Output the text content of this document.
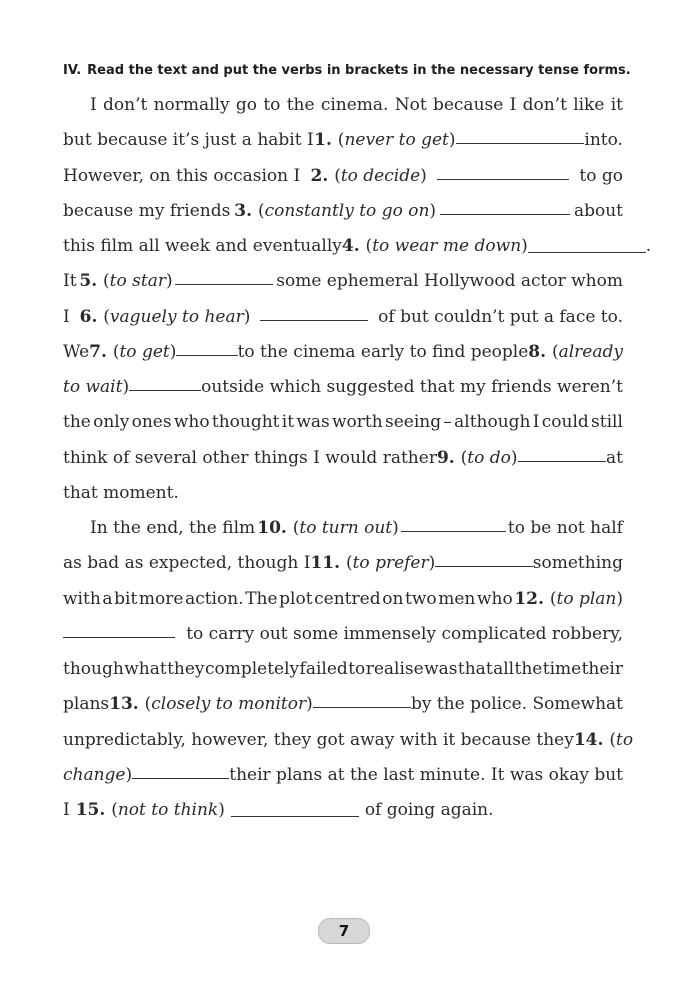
IV. Read the text and put the verbs in brackets in the necessary tense forms.
I don’t normally go to the cinema. Not because I don’t like it
but because it’s just a habit I 1. (never to get)	into.
However, on this occasion I 2. (to decide)	to go
because my friends 3. (constantly to go on)	about
this film all week and eventually 4. (to wear me down)	.
It 5. (to star)	some ephemeral Hollywood actor whom
I 6. (vaguely to hear)	of but couldn’t put a face to.
We 7. (to get)	to the cinema early to find people 8. (already
to wait)	outside which suggested that my friends weren’t
the only ones who thought it was worth seeing – although I could still
think of several other things I would rather 9. (to do)	at
that moment.
In the end, the film 10. (to turn out)	to be not half
as bad as expected, though I 11. (to prefer)	something
with a bit more action. The plot centred on two men who 12. (to plan)
to carry out some immensely complicated robbery,
though what they completely failed to realise was that all the time their
plans 13. (closely to monitor)	by the police. Somewhat
unpredictably, however, they got away with it because they 14. (to
change)	their plans at the last minute. It was okay but
I 15. (not to think)	of going again.
7
